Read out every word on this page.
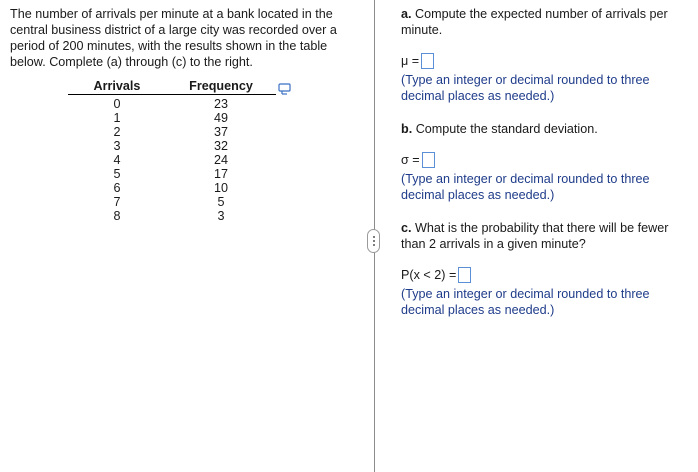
The number of arrivals per minute at a bank located in the central business district of a large city was recorded over a period of 200 minutes, with the results shown in the table below. Complete (a) through (c) to the right.

Arrivals	Frequency
0	23
1	49
2	37
3	32
4	24
5	17
6	10
7	5
8	3

a. Compute the expected number of arrivals per minute.

μ =

(Type an integer or decimal rounded to three decimal places as needed.)

b. Compute the standard deviation.

σ =

(Type an integer or decimal rounded to three decimal places as needed.)

c. What is the probability that there will be fewer than 2 arrivals in a given minute?

P(x < 2) =

(Type an integer or decimal rounded to three decimal places as needed.)
